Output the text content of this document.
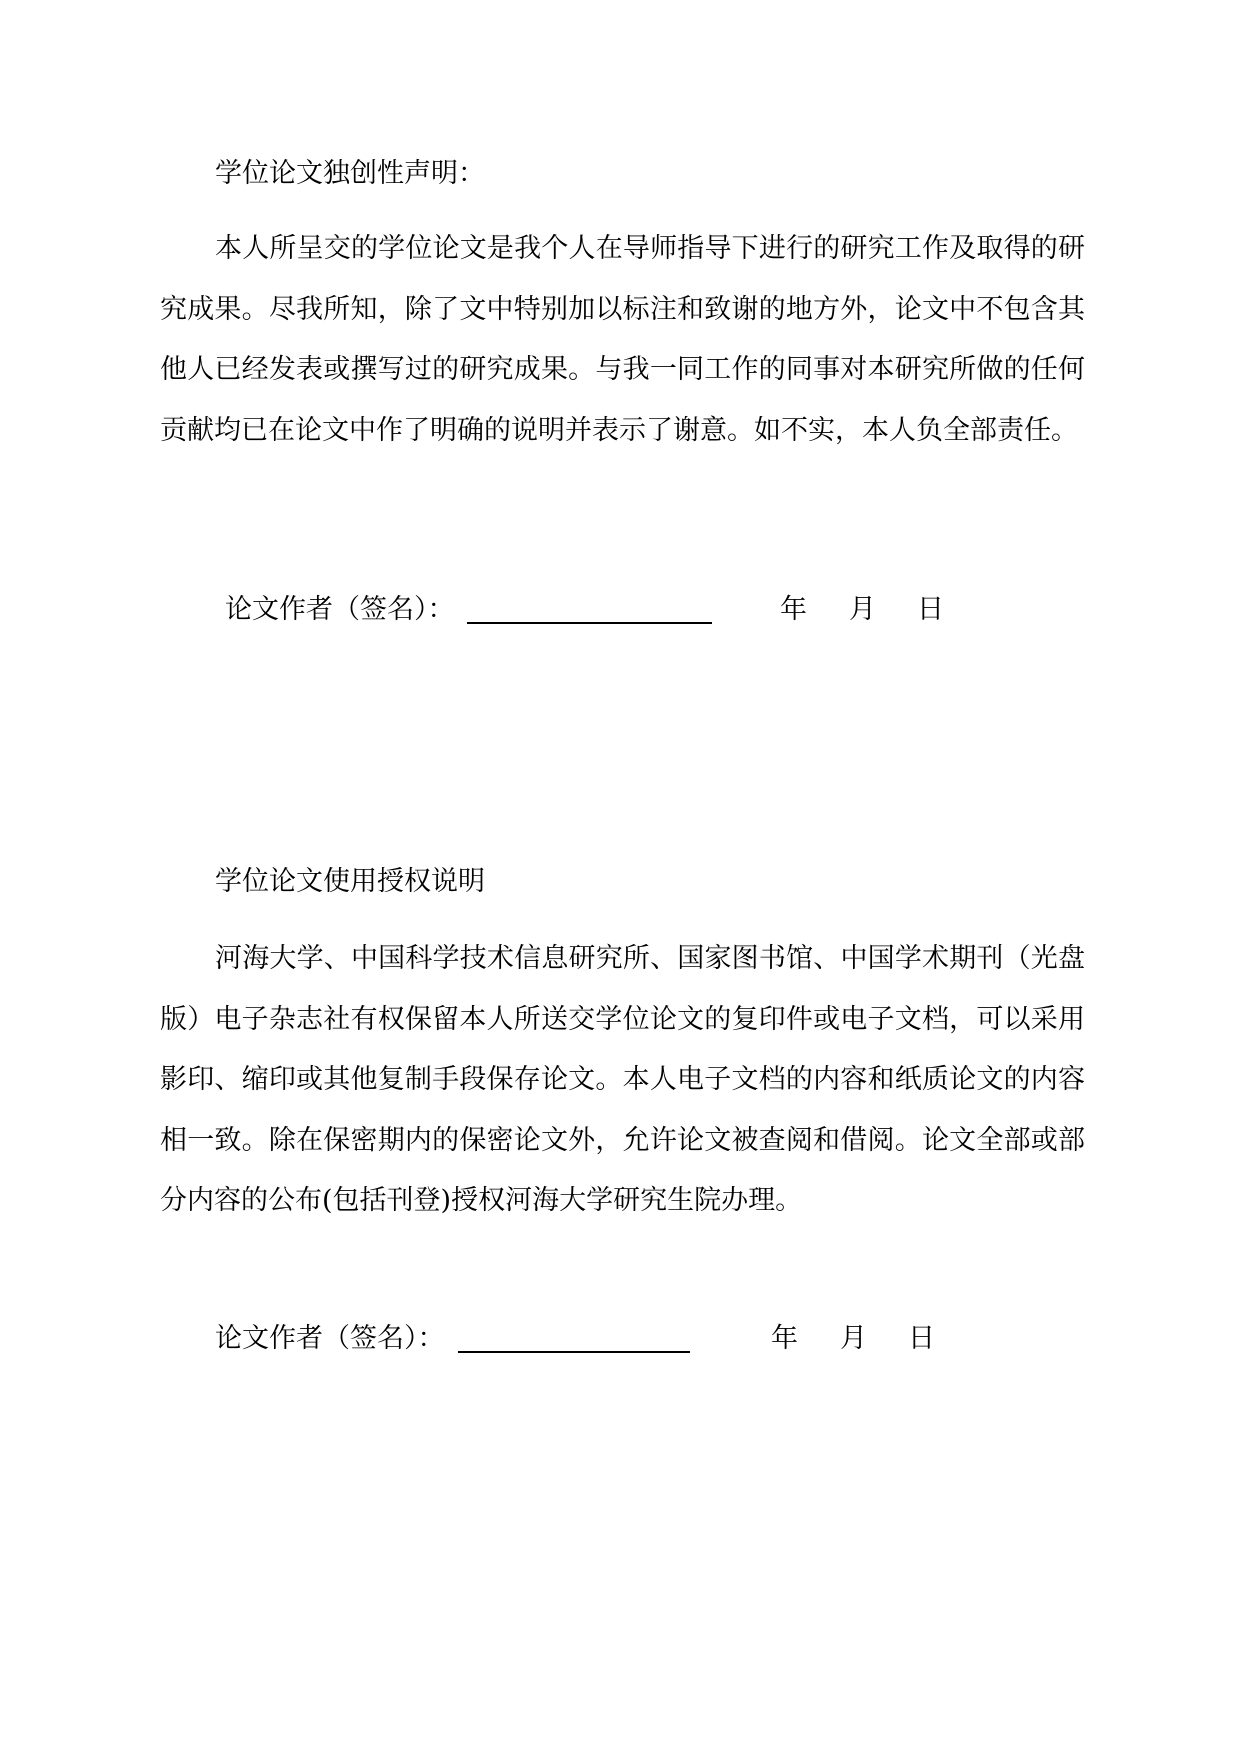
学位论文独创性声明：

本人所呈交的学位论文是我个人在导师指导下进行的研究工作及取得的研究成果。尽我所知，除了文中特别加以标注和致谢的地方外，论文中不包含其他人已经发表或撰写过的研究成果。与我一同工作的同事对本研究所做的任何贡献均已在论文中作了明确的说明并表示了谢意。如不实，本人负全部责任。

论文作者（签名）：	年 月 日
学位论文使用授权说明

河海大学、中国科学技术信息研究所、国家图书馆、中国学术期刊（光盘版）电子杂志社有权保留本人所送交学位论文的复印件或电子文档，可以采用影印、缩印或其他复制手段保存论文。本人电子文档的内容和纸质论文的内容相一致。除在保密期内的保密论文外，允许论文被查阅和借阅。论文全部或部分内容的公布(包括刊登)授权河海大学研究生院办理。

论文作者（签名）：	年 月 日
